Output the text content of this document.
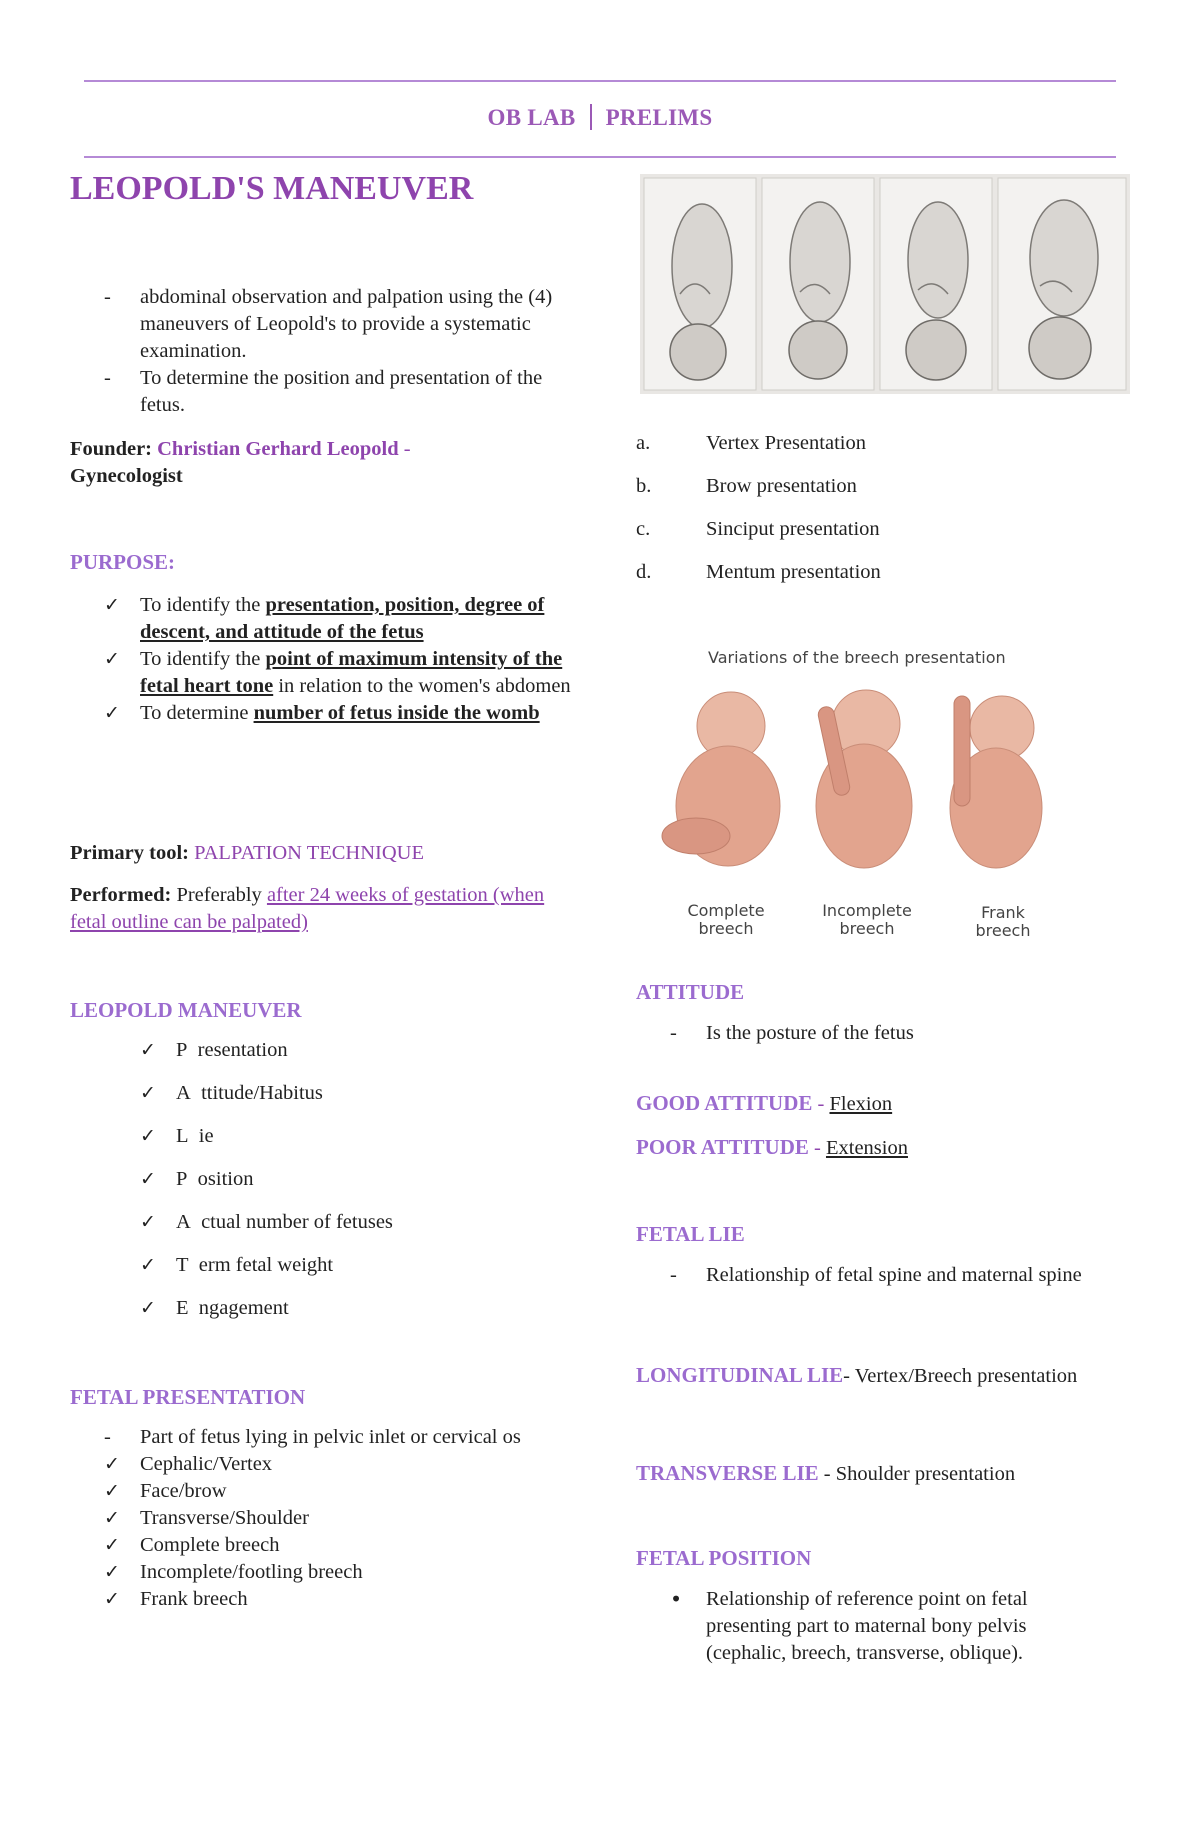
OB LAB PRELIMS
LEOPOLD'S MANEUVER
- abdominal observation and palpation using the (4) maneuvers of Leopold's to provide a systematic examination.
- To determine the position and presentation of the fetus.
Founder: Christian Gerhard Leopold - Gynecologist
PURPOSE:
✓ To identify the presentation, position, degree of descent, and attitude of the fetus
✓ To identify the point of maximum intensity of the fetal heart tone in relation to the women's abdomen
✓ To determine number of fetus inside the womb
Primary tool: PALPATION TECHNIQUE
Performed: Preferably after 24 weeks of gestation (when fetal outline can be palpated)
LEOPOLD MANEUVER
✓ P resentation
✓ A ttitude/Habitus
✓ L ie
✓ P osition
✓ A ctual number of fetuses
✓ T erm fetal weight
✓ E ngagement
FETAL PRESENTATION
- Part of fetus lying in pelvic inlet or cervical os
✓ Cephalic/Vertex
✓ Face/brow
✓ Transverse/Shoulder
✓ Complete breech
✓ Incomplete/footling breech
✓ Frank breech
a.	Vertex Presentation
b.	Brow presentation
c.	Sinciput presentation
d.	Mentum presentation
Variations of the breech presentation
Complete
breech
Incomplete
breech
Frank
breech
ATTITUDE
- Is the posture of the fetus
GOOD ATTITUDE - Flexion
POOR ATTITUDE - Extension
FETAL LIE
- Relationship of fetal spine and maternal spine
LONGITUDINAL LIE- Vertex/Breech presentation
TRANSVERSE LIE - Shoulder presentation
FETAL POSITION
• Relationship of reference point on fetal presenting part to maternal bony pelvis (cephalic, breech, transverse, oblique).
